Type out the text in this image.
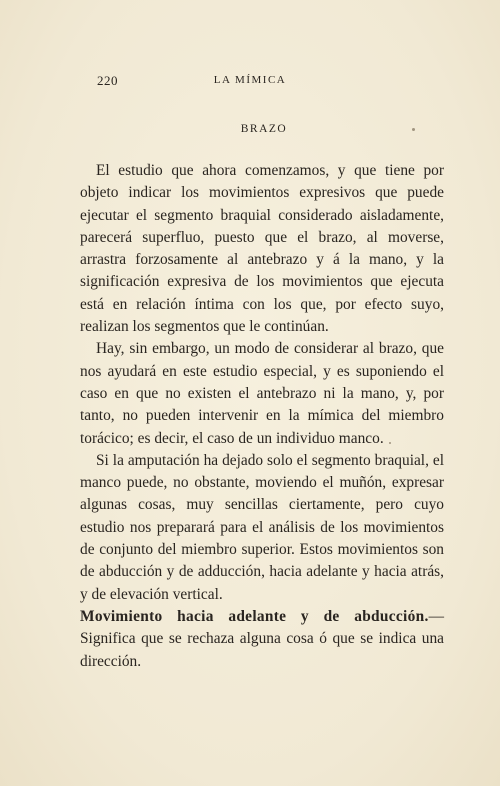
220	LA MÍMICA
BRAZO

El estudio que ahora comenzamos, y que tiene por objeto indicar los movimientos expresivos que puede ejecutar el segmento braquial considerado aisladamente, parecerá superfluo, puesto que el brazo, al moverse, arrastra forzosamente al antebrazo y á la mano, y la significación expresiva de los movimientos que ejecuta está en relación íntima con los que, por efecto suyo, realizan los segmentos que le continúan.

Hay, sin embargo, un modo de considerar al brazo, que nos ayudará en este estudio especial, y es suponiendo el caso en que no existen el antebrazo ni la mano, y, por tanto, no pueden intervenir en la mímica del miembro torácico; es decir, el caso de un individuo manco.

Si la amputación ha dejado solo el segmento braquial, el manco puede, no obstante, moviendo el muñón, expresar algunas cosas, muy sencillas ciertamente, pero cuyo estudio nos preparará para el análisis de los movimientos de conjunto del miembro superior. Estos movimientos son de abducción y de adducción, hacia adelante y hacia atrás, y de elevación vertical.

Movimiento hacia adelante y de abducción.—Significa que se rechaza alguna cosa ó que se indica una dirección.
